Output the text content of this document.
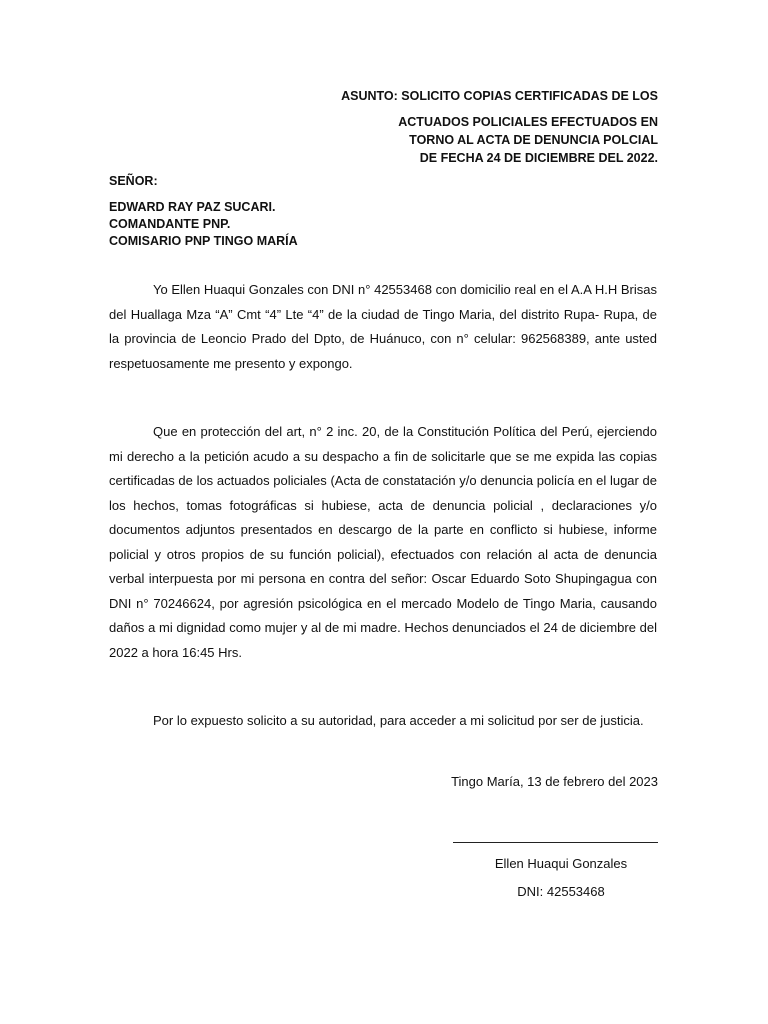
ASUNTO: SOLICITO COPIAS CERTIFICADAS DE LOS
ACTUADOS POLICIALES EFECTUADOS EN
TORNO AL ACTA DE DENUNCIA POLCIAL
DE FECHA 24 DE DICIEMBRE DEL 2022.
SEÑOR:
EDWARD RAY PAZ SUCARI.
COMANDANTE PNP.
COMISARIO PNP TINGO MARÍA
Yo Ellen Huaqui Gonzales con DNI n° 42553468 con domicilio real en el A.A H.H Brisas del Huallaga Mza “A” Cmt “4” Lte “4” de la ciudad de Tingo Maria, del distrito Rupa- Rupa, de la provincia de Leoncio Prado del Dpto, de Huánuco, con n° celular: 962568389, ante usted respetuosamente me presento y expongo.
Que en protección del art, n° 2 inc. 20, de la Constitución Política del Perú, ejerciendo mi derecho a la petición acudo a su despacho a fin de solicitarle que se me expida las copias certificadas de los actuados policiales (Acta de constatación y/o denuncia policía en el lugar de los hechos, tomas fotográficas si hubiese, acta de denuncia policial , declaraciones y/o documentos adjuntos presentados en descargo de la parte en conflicto si hubiese, informe policial y otros propios de su función policial), efectuados con relación al acta de denuncia verbal interpuesta por mi persona en contra del señor: Oscar Eduardo Soto Shupingagua con DNI n° 70246624, por agresión psicológica en el mercado Modelo de Tingo Maria, causando daños a mi dignidad como mujer y al de mi madre. Hechos denunciados el 24 de diciembre del 2022 a hora 16:45 Hrs.
Por lo expuesto solicito a su autoridad, para acceder a mi solicitud por ser de justicia.
Tingo María, 13 de febrero del 2023
Ellen Huaqui Gonzales
DNI: 42553468
